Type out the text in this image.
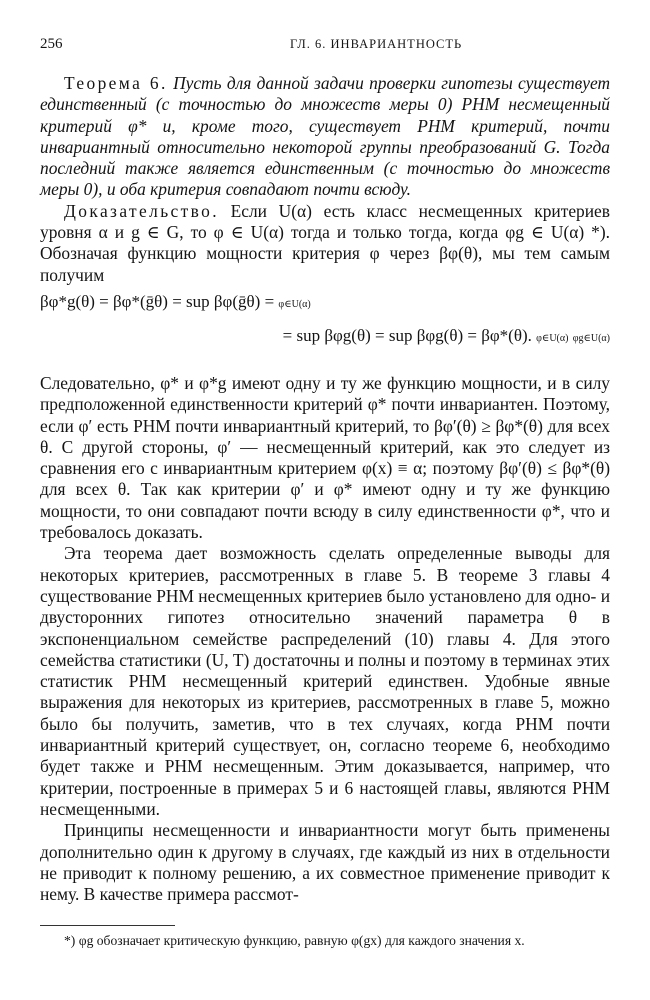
256	ГЛ. 6. ИНВАРИАНТНОСТЬ

Теорема 6. Пусть для данной задачи проверки гипотезы существует единственный (с точностью до множеств меры 0) РНМ несмещенный критерий φ* и, кроме того, существует РНМ критерий, почти инвариантный относительно некоторой группы преобразований G. Тогда последний также является единственным (с точностью до множеств меры 0), и оба критерия совпадают почти всюду.

Доказательство. Если U(α) есть класс несмещенных критериев уровня α и g ∈ G, то φ ∈ U(α) тогда и только тогда, когда φg ∈ U(α) *). Обозначая функцию мощности критерия φ через βφ(θ), мы тем самым получим

βφ*g(θ) = βφ*(ḡθ) = sup βφ(ḡθ) = φ∈U(α)
= sup βφg(θ) = sup βφg(θ) = βφ*(θ). φ∈U(α) φg∈U(α)

Следовательно, φ* и φ*g имеют одну и ту же функцию мощности, и в силу предположенной единственности критерий φ* почти инвариантен. Поэтому, если φ′ есть РНМ почти инвариантный критерий, то βφ′(θ) ≥ βφ*(θ) для всех θ. С другой стороны, φ′ — несмещенный критерий, как это следует из сравнения его с инвариантным критерием φ(x) ≡ α; поэтому βφ′(θ) ≤ βφ*(θ) для всех θ. Так как критерии φ′ и φ* имеют одну и ту же функцию мощности, то они совпадают почти всюду в силу единственности φ*, что и требовалось доказать.

Эта теорема дает возможность сделать определенные выводы для некоторых критериев, рассмотренных в главе 5. В теореме 3 главы 4 существование РНМ несмещенных критериев было установлено для одно- и двусторонних гипотез относительно значений параметра θ в экспоненциальном семействе распределений (10) главы 4. Для этого семейства статистики (U, T) достаточны и полны и поэтому в терминах этих статистик РНМ несмещенный критерий единствен. Удобные явные выражения для некоторых из критериев, рассмотренных в главе 5, можно было бы получить, заметив, что в тех случаях, когда РНМ почти инвариантный критерий существует, он, согласно теореме 6, необходимо будет также и РНМ несмещенным. Этим доказывается, например, что критерии, построенные в примерах 5 и 6 настоящей главы, являются РНМ несмещенными.

Принципы несмещенности и инвариантности могут быть применены дополнительно один к другому в случаях, где каждый из них в отдельности не приводит к полному решению, а их совместное применение приводит к нему. В качестве примера рассмот-

*) φg обозначает критическую функцию, равную φ(gx) для каждого значения x.
